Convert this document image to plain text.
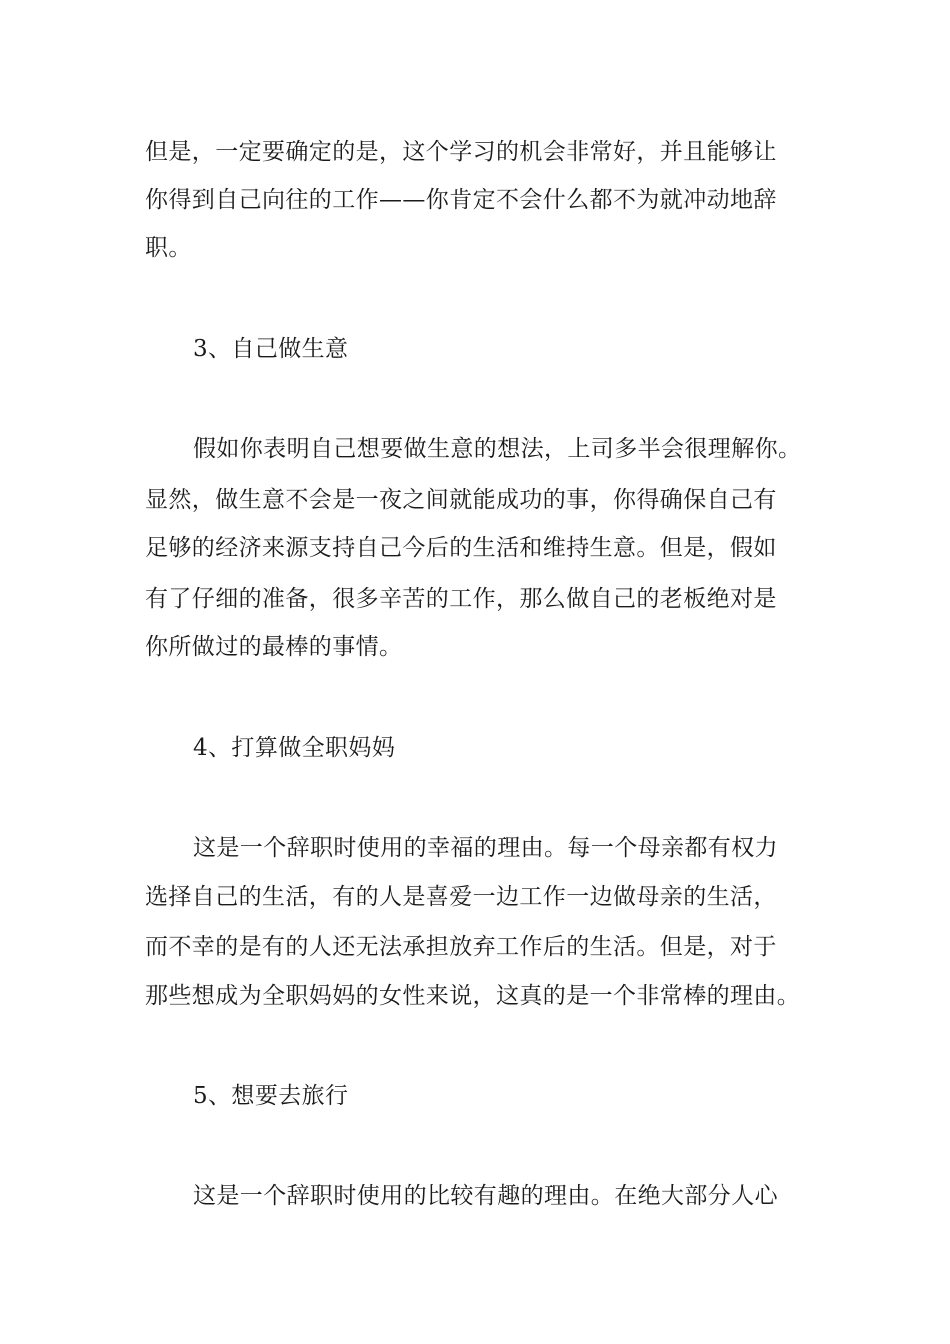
但是，一定要确定的是，这个学习的机会非常好，并且能够让
你得到自己向往的工作——你肯定不会什么都不为就冲动地辞
职。
3、自己做生意
假如你表明自己想要做生意的想法，上司多半会很理解你。
显然，做生意不会是一夜之间就能成功的事，你得确保自己有
足够的经济来源支持自己今后的生活和维持生意。但是，假如
有了仔细的准备，很多辛苦的工作，那么做自己的老板绝对是
你所做过的最棒的事情。
4、打算做全职妈妈
这是一个辞职时使用的幸福的理由。每一个母亲都有权力
选择自己的生活，有的人是喜爱一边工作一边做母亲的生活，
而不幸的是有的人还无法承担放弃工作后的生活。但是，对于
那些想成为全职妈妈的女性来说，这真的是一个非常棒的理由。
5、想要去旅行
这是一个辞职时使用的比较有趣的理由。在绝大部分人心
